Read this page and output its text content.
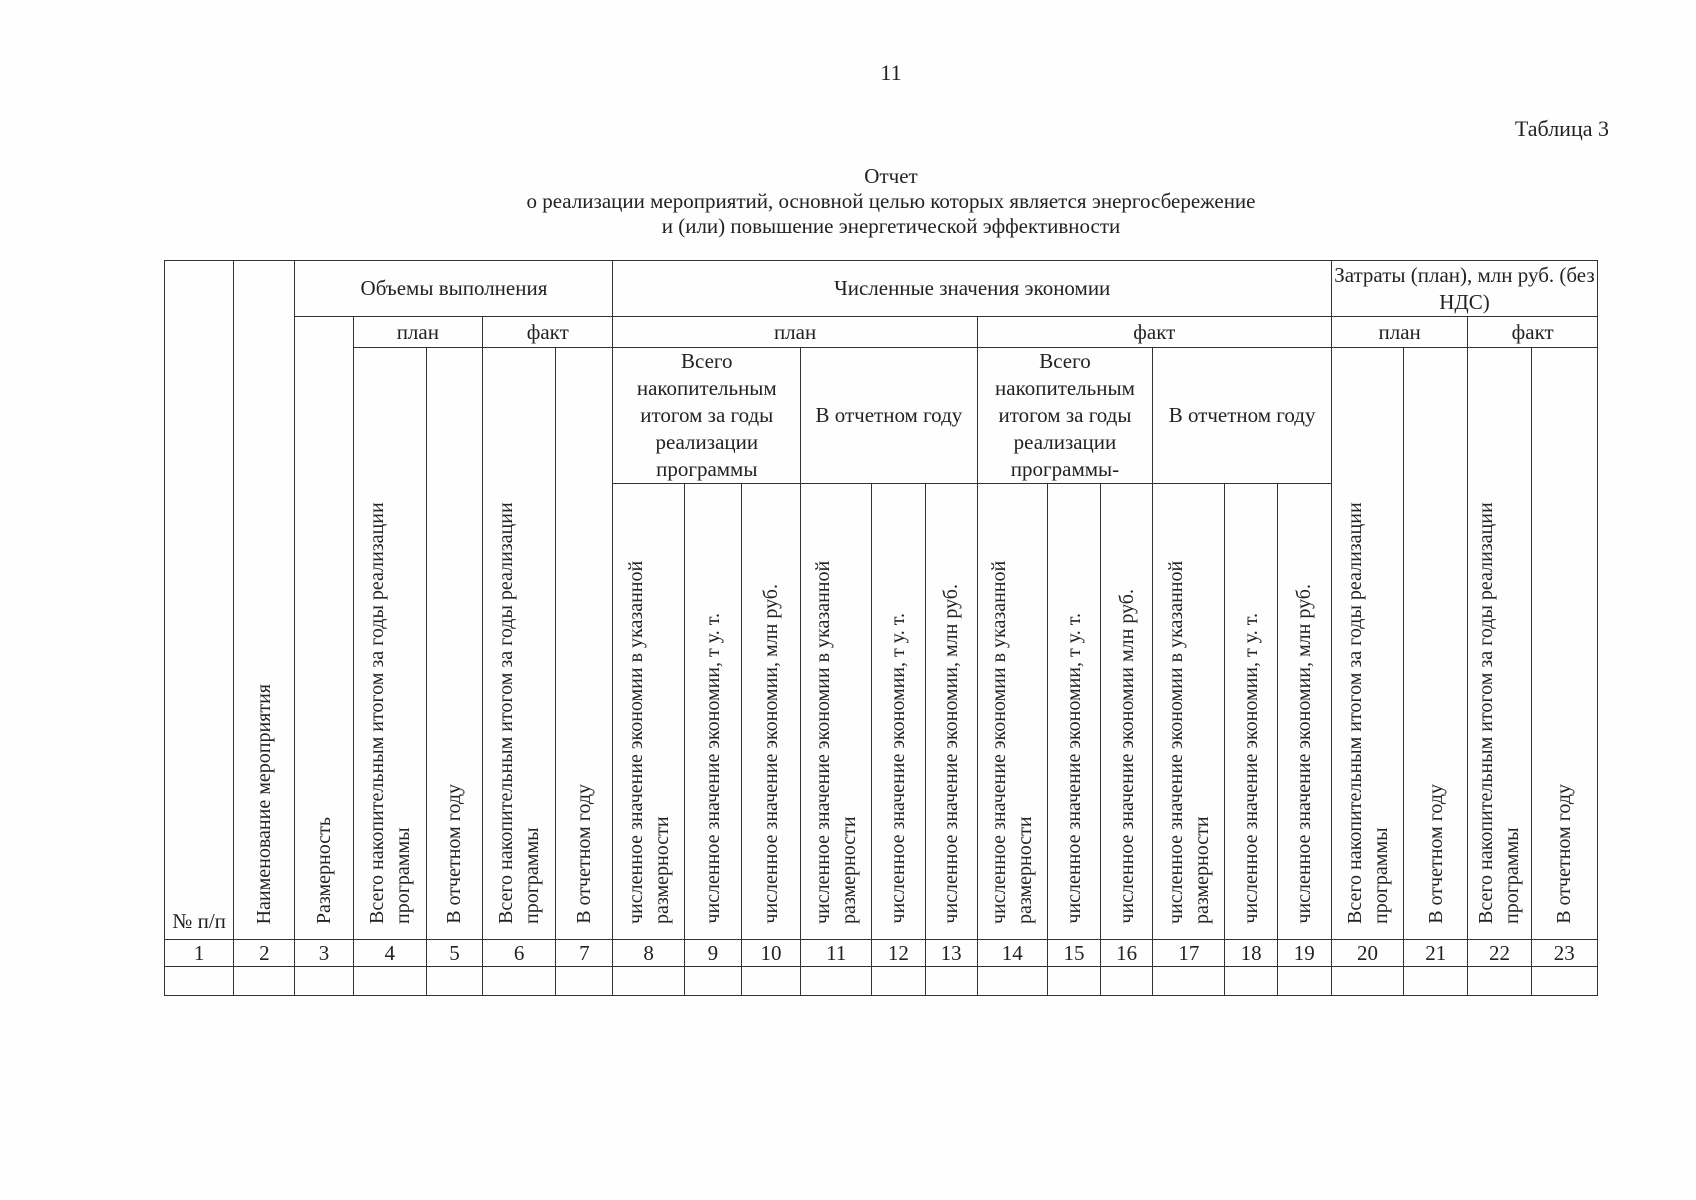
11
Таблица 3
Отчет
о реализации мероприятий, основной целью которых является энергосбережение
и (или) повышение энергетической эффективности
№ п/п	Наименование мероприятия	Объемы выполнения					Численные значения экономии												Затраты (план), млн руб. (без НДС)			
		Размерность	план		факт		план						факт						план		факт	
			Всего накопительным итогом за годы реализации программы	В отчетном году	Всего накопительным итогом за годы реализации программы	В отчетном году	Всего накопительным итогом за годы реализации программы			В отчетном году			Всего накопительным итогом за годы реализации программы-			В отчетном году			Всего накопительным итогом за годы реализации программы	В отчетном году	Всего накопительным итогом за годы реализации программы	В отчетном году
							численное значение экономии в указанной размерности	численное значение экономии, т у. т.	численное значение экономии, млн руб.	численное значение экономии в указанной размерности	численное значение экономии, т у. т.	численное значение экономии, млн руб.	численное значение экономии в указанной размерности	численное значение экономии, т у. т.	численное значение экономии млн руб.	численное значение экономии в указанной размерности	численное значение экономии, т у. т.	численное значение экономии, млн руб.				
1	2	3	4	5	6	7	8	9	10	11	12	13	14	15	16	17	18	19	20	21	22	23
